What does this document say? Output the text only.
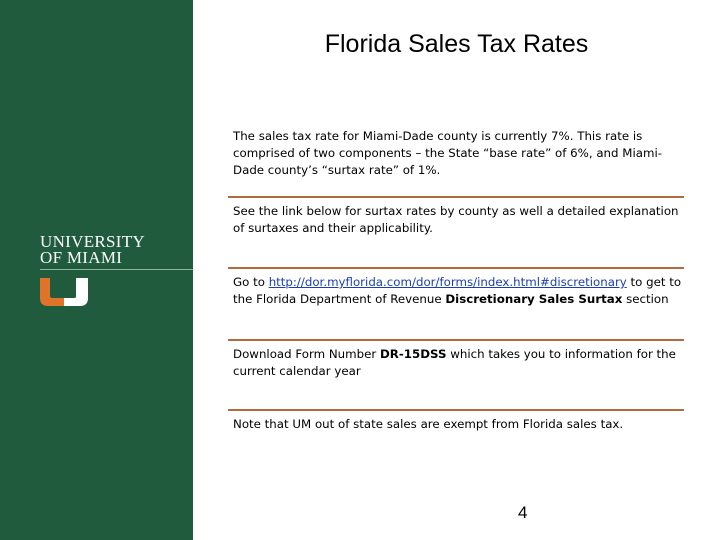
UNIVERSITY
OF MIAMI
Florida Sales Tax Rates

The sales tax rate for Miami-Dade county is currently 7%. This rate is comprised of two components – the State “base rate” of 6%, and Miami-Dade county’s “surtax rate” of 1%.

See the link below for surtax rates by county as well a detailed explanation of surtaxes and their applicability.

Go to http://dor.myflorida.com/dor/forms/index.html#discretionary to get to the Florida Department of Revenue Discretionary Sales Surtax section

Download Form Number DR-15DSS which takes you to information for the current calendar year

Note that UM out of state sales are exempt from Florida sales tax.

4
